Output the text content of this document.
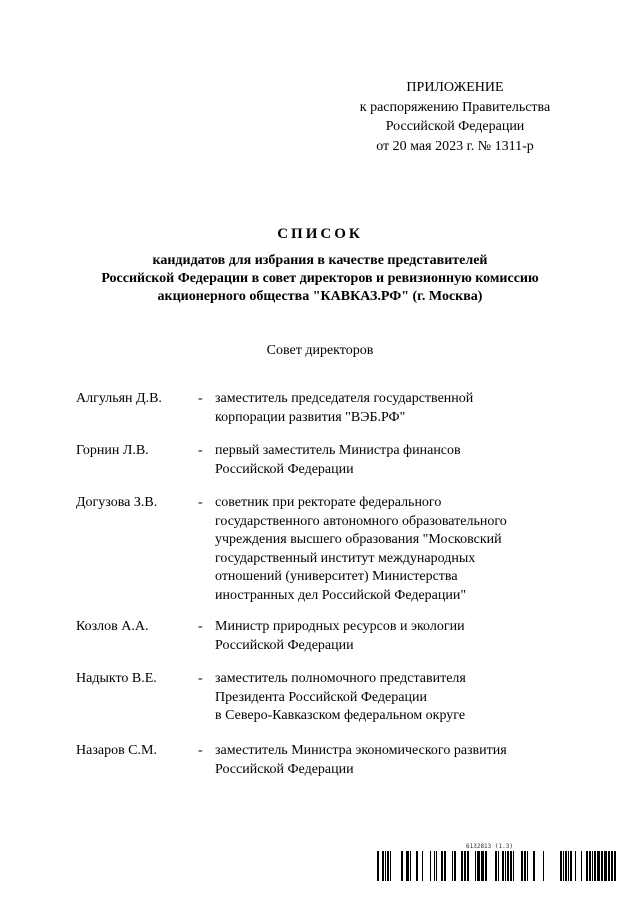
ПРИЛОЖЕНИЕ
к распоряжению Правительства
Российской Федерации
от 20 мая 2023 г. № 1311-р
СПИСОК
кандидатов для избрания в качестве представителей
Российской Федерации в совет директоров и ревизионную комиссию
акционерного общества "КАВКАЗ.РФ" (г. Москва)
Совет директоров
Алгульян Д.В.	- заместитель председателя государственной
корпорации развития "ВЭБ.РФ"
Горнин Л.В.	- первый заместитель Министра финансов
Российской Федерации
Догузова З.В.	- советник при ректорате федерального
государственного автономного образовательного
учреждения высшего образования "Московский
государственный институт международных
отношений (университет) Министерства
иностранных дел Российской Федерации"
Козлов А.А.	- Министр природных ресурсов и экологии
Российской Федерации
Надыкто В.Е.	- заместитель полномочного представителя
Президента Российской Федерации
в Северо-Кавказском федеральном округе
Назаров С.М.	- заместитель Министра экономического развития
Российской Федерации
6132813 (1.3)
